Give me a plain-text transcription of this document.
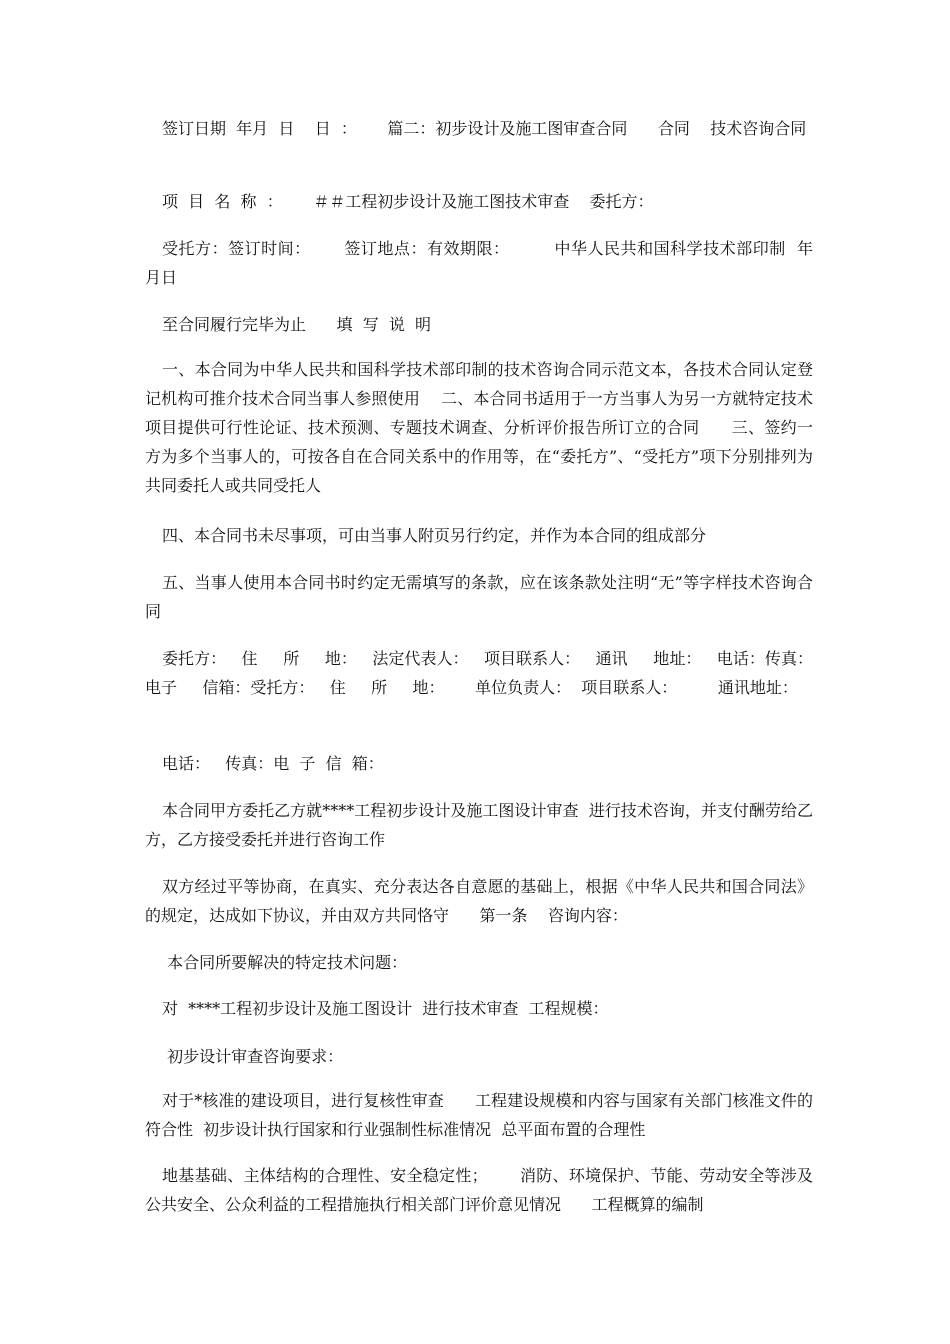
签订日期  年月  日    日  ：      篇二：初步设计及施工图审查合同      合同    技术咨询合同

项  目  名  称  ：      ＃＃工程初步设计及施工图技术审查    委托方：

受托方：签订时间：      签订地点：有效期限：        中华人民共和国科学技术部印制  年    月日

至合同履行完毕为止      填  写  说  明

一、本合同为中华人民共和国科学技术部印制的技术咨询合同示范文本，各技术合同认定登记机构可推介技术合同当事人参照使用    二、本合同书适用于一方当事人为另一方就特定技术项目提供可行性论证、技术预测、专题技术调查、分析评价报告所订立的合同      三、签约一方为多个当事人的，可按各自在合同关系中的作用等，在“委托方”、“受托方”项下分别排列为共同委托人或共同受托人

四、本合同书未尽事项，可由当事人附页另行约定，并作为本合同的组成部分

五、当事人使用本合同书时约定无需填写的条款，应在该条款处注明“无”等字样技术咨询合同

委托方：   住     所     地：   法定代表人：   项目联系人：   通讯     地址：   电话：传真：     电子     信箱：受托方：   住     所     地：      单位负责人：  项目联系人：        通讯地址：

电话：   传真：电  子  信  箱：

本合同甲方委托乙方就****工程初步设计及施工图设计审查  进行技术咨询，并支付酬劳给乙方，乙方接受委托并进行咨询工作

双方经过平等协商，在真实、充分表达各自意愿的基础上，根据《中华人民共和国合同法》的规定，达成如下协议，并由双方共同恪守      第一条    咨询内容：

本合同所要解决的特定技术问题：

对  ****工程初步设计及施工图设计  进行技术审查  工程规模：

初步设计审查咨询要求：

对于*核准的建设项目，进行复核性审查      工程建设规模和内容与国家有关部门核准文件的符合性  初步设计执行国家和行业强制性标准情况  总平面布置的合理性

地基基础、主体结构的合理性、安全稳定性；      消防、环境保护、节能、劳动安全等涉及公共安全、公众利益的工程措施执行相关部门评价意见情况      工程概算的编制
